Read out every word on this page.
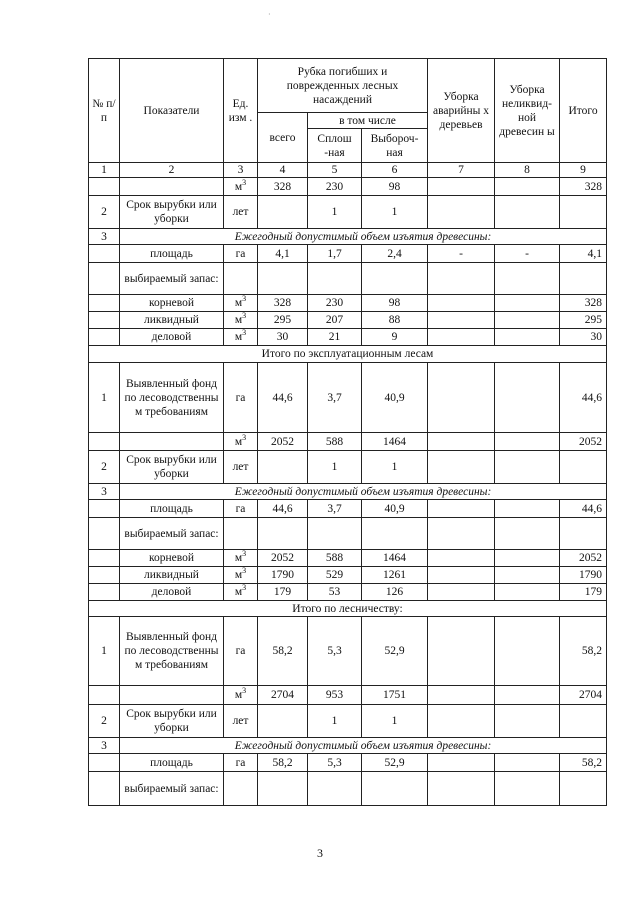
·
№ п/ п	Показатели	Ед. изм .	Рубка погибших и поврежденных лесных насаждений			Уборка аварийны х деревьев	Уборка неликвид-ной древесин ы	Итого
			всего	в том числе				
				Сплош -ная	Выбороч-ная			
1	2	3	4	5	6	7	8	9
		$м^3$	328	230	98			328
2	Срок вырубки или уборки	лет		1	1			
3	Ежегодный допустимый объем изъятия древесины:							
	площадь	га	4,1	1,7	2,4	-	-	4,1
	выбираемый запас:							
	корневой	$м^3$	328	230	98			328
	ликвидный	$м^3$	295	207	88			295
	деловой	$м^3$	30	21	9			30
Итого по эксплуатационным лесам								
1	Выявленный фонд по лесоводственны м требованиям	га	44,6	3,7	40,9			44,6
		$м^3$	2052	588	1464			2052
2	Срок вырубки или уборки	лет		1	1			
3	Ежегодный допустимый объем изъятия древесины:							
	площадь	га	44,6	3,7	40,9			44,6
	выбираемый запас:							
	корневой	$м^3$	2052	588	1464			2052
	ликвидный	$м^3$	1790	529	1261			1790
	деловой	$м^3$	179	53	126			179
Итого по лесничеству:								
1	Выявленный фонд по лесоводственны м требованиям	га	58,2	5,3	52,9			58,2
		$м^3$	2704	953	1751			2704
2	Срок вырубки или уборки	лет		1	1			
3	Ежегодный допустимый объем изъятия древесины:							
	площадь	га	58,2	5,3	52,9			58,2
	выбираемый запас:							
3
